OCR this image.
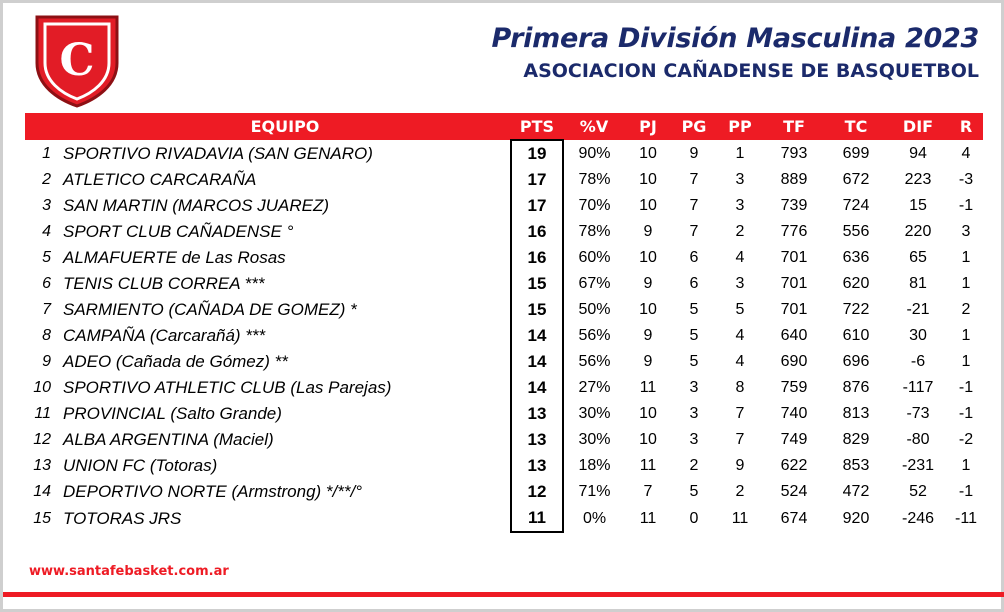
C	Primera División Masculina 2023
ASOCIACION CAÑADENSE DE BASQUETBOL
	EQUIPO	PTS	%V	PJ	PG	PP	TF	TC	DIF	R
1	SPORTIVO RIVADAVIA (SAN GENARO)	19	90%	10	9	1	793	699	94	4
2	ATLETICO CARCARAÑA	17	78%	10	7	3	889	672	223	-3
3	SAN MARTIN (MARCOS JUAREZ)	17	70%	10	7	3	739	724	15	-1
4	SPORT CLUB CAÑADENSE °	16	78%	9	7	2	776	556	220	3
5	ALMAFUERTE de Las Rosas	16	60%	10	6	4	701	636	65	1
6	TENIS CLUB CORREA ***	15	67%	9	6	3	701	620	81	1
7	SARMIENTO (CAÑADA DE GOMEZ) *	15	50%	10	5	5	701	722	-21	2
8	CAMPAÑA (Carcarañá) ***	14	56%	9	5	4	640	610	30	1
9	ADEO (Cañada de Gómez) **	14	56%	9	5	4	690	696	-6	1
10	SPORTIVO ATHLETIC CLUB (Las Parejas)	14	27%	11	3	8	759	876	-117	-1
11	PROVINCIAL (Salto Grande)	13	30%	10	3	7	740	813	-73	-1
12	ALBA ARGENTINA (Maciel)	13	30%	10	3	7	749	829	-80	-2
13	UNION FC (Totoras)	13	18%	11	2	9	622	853	-231	1
14	DEPORTIVO NORTE (Armstrong) */**/°	12	71%	7	5	2	524	472	52	-1
15	TOTORAS JRS	11	0%	11	0	11	674	920	-246	-11
www.santafebasket.com.ar
